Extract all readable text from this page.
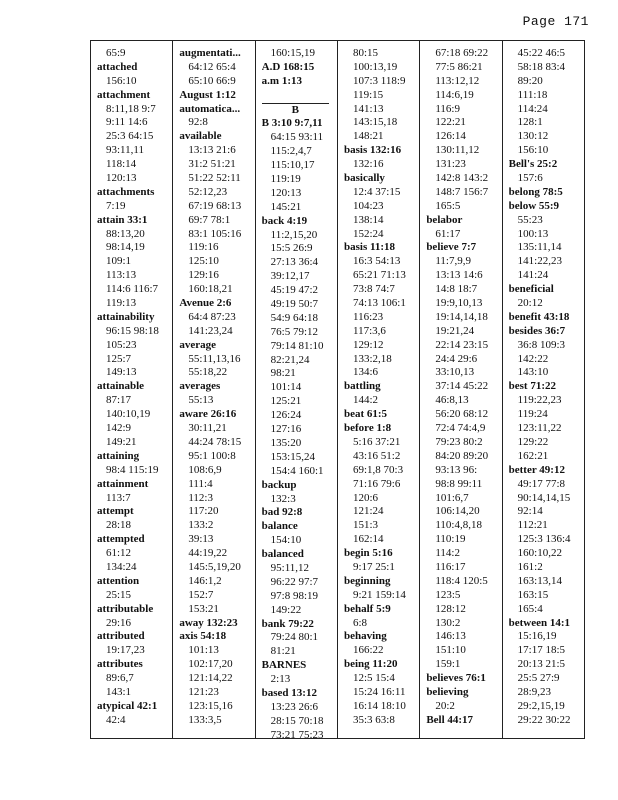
Page 171
65:9
attached
156:10
attachment
8:11,18 9:7
9:11 14:6
25:3 64:15
93:11,11
118:14
120:13
attachments
7:19
attain 33:1
88:13,20
98:14,19
109:1
113:13
114:6 116:7
119:13
attainability
96:15 98:18
105:23
125:7
149:13
attainable
87:17
140:10,19
142:9
149:21
attaining
98:4 115:19
attainment
113:7
attempt
28:18
attempted
61:12
134:24
attention
25:15
attributable
29:16
attributed
19:17,23
attributes
89:6,7
143:1
atypical 42:1
42:4
augmentati...
64:12 65:4
65:10 66:9
August 1:12
automatica...
92:8
available
13:13 21:6
31:2 51:21
51:22 52:11
52:12,23
67:19 68:13
69:7 78:1
83:1 105:16
119:16
125:10
129:16
160:18,21
Avenue 2:6
64:4 87:23
141:23,24
average
55:11,13,16
55:18,22
averages
55:13
aware 26:16
30:11,21
44:24 78:15
95:1 100:8
108:6,9
111:4
112:3
117:20
133:2
39:13
44:19,22
145:5,19,20
146:1,2
152:7
153:21
away 132:23
axis 54:18
101:13
102:17,20
121:14,22
121:23
123:15,16
133:3,5
160:15,19
A.D 168:15
a.m 1:13
B
B 3:10 9:7,11
64:15 93:11
115:2,4,7
115:10,17
119:19
120:13
145:21
back 4:19
11:2,15,20
15:5 26:9
27:13 36:4
39:12,17
45:19 47:2
49:19 50:7
54:9 64:18
76:5 79:12
79:14 81:10
82:21,24
98:21
101:14
125:21
126:24
127:16
135:20
153:15,24
154:4 160:1
backup
132:3
bad 92:8
balance
154:10
balanced
95:11,12
96:22 97:7
97:8 98:19
149:22
bank 79:22
79:24 80:1
81:21
BARNES
2:13
based 13:12
13:23 26:6
28:15 70:18
73:21 75:23
80:15
100:13,19
107:3 118:9
119:15
141:13
143:15,18
148:21
basis 132:16
132:16
basically
12:4 37:15
104:23
138:14
152:24
basis 11:18
16:3 54:13
65:21 71:13
73:8 74:7
74:13 106:1
116:23
117:3,6
129:12
133:2,18
134:6
battling
144:2
beat 61:5
before 1:8
5:16 37:21
43:16 51:2
69:1,8 70:3
71:16 79:6
120:6
121:24
151:3
162:14
begin 5:16
9:17 25:1
beginning
9:21 159:14
behalf 5:9
6:8
behaving
166:22
being 11:20
12:5 15:4
15:24 16:11
16:14 18:10
35:3 63:8
67:18 69:22
77:5 86:21
113:12,12
114:6,19
116:9
122:21
126:14
130:11,12
131:23
142:8 143:2
148:7 156:7
165:5
belabor
61:17
believe 7:7
11:7,9,9
13:13 14:6
14:8 18:7
19:9,10,13
19:14,14,18
19:21,24
22:14 23:15
24:4 29:6
33:10,13
37:14 45:22
46:8,13
56:20 68:12
72:4 74:4,9
79:23 80:2
84:20 89:20
93:13 96:
98:8 99:11
101:6,7
106:14,20
110:4,8,18
110:19
114:2
116:17
118:4 120:5
123:5
128:12
130:2
146:13
151:10
159:1
believes 76:1
believing
20:2
Bell 44:17
45:22 46:5
58:18 83:4
89:20
111:18
114:24
128:1
130:12
156:10
Bell's 25:2
157:6
belong 78:5
below 55:9
55:23
100:13
135:11,14
141:22,23
141:24
beneficial
20:12
benefit 43:18
besides 36:7
36:8 109:3
142:22
143:10
best 71:22
119:22,23
119:24
123:11,22
129:22
162:21
better 49:12
49:17 77:8
90:14,14,15
92:14
112:21
125:3 136:4
160:10,22
161:2
163:13,14
163:15
165:4
between 14:1
15:16,19
17:17 18:5
20:13 21:5
25:5 27:9
28:9,23
29:2,15,19
29:22 30:22
